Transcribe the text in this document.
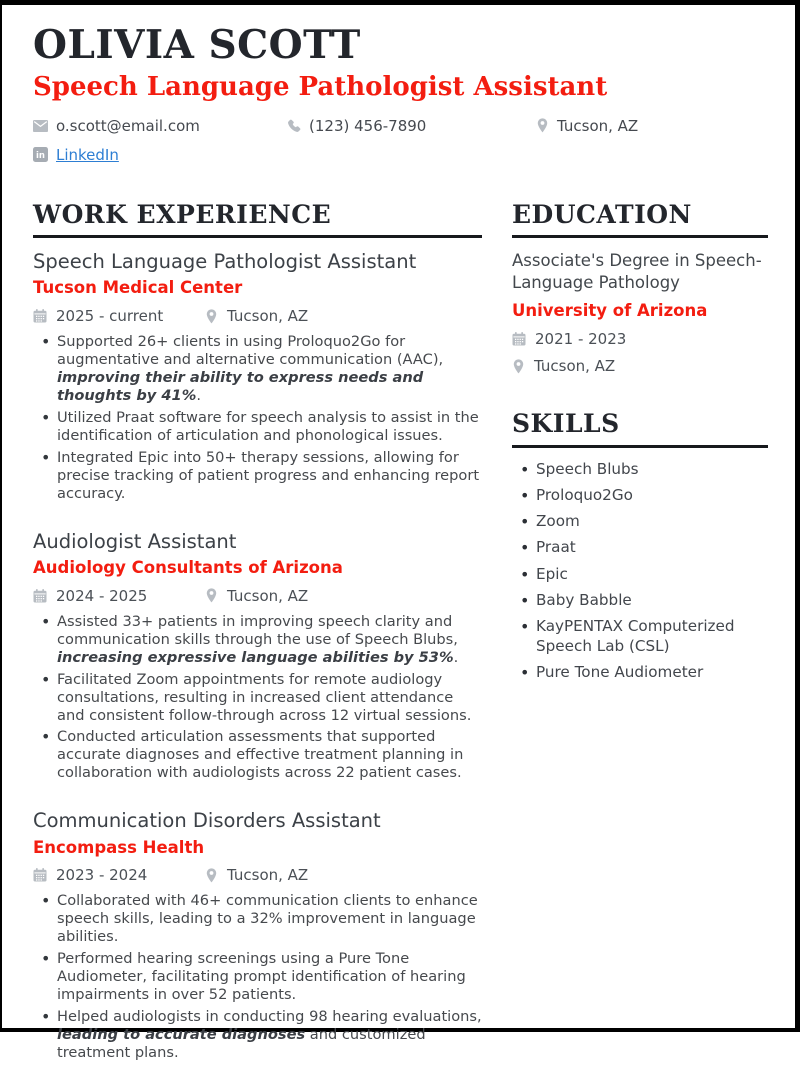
OLIVIA SCOTT
Speech Language Pathologist Assistant
o.scott@email.com	(123) 456-7890	Tucson, AZ
in LinkedIn
WORK EXPERIENCE
Speech Language Pathologist Assistant
Tucson Medical Center
2025 - current	Tucson, AZ
• Supported 26+ clients in using Proloquo2Go for augmentative and alternative communication (AAC), improving their ability to express needs and thoughts by 41%.
• Utilized Praat software for speech analysis to assist in the identification of articulation and phonological issues.
• Integrated Epic into 50+ therapy sessions, allowing for precise tracking of patient progress and enhancing report accuracy.
Audiologist Assistant
Audiology Consultants of Arizona
2024 - 2025	Tucson, AZ
• Assisted 33+ patients in improving speech clarity and communication skills through the use of Speech Blubs, increasing expressive language abilities by 53%.
• Facilitated Zoom appointments for remote audiology consultations, resulting in increased client attendance and consistent follow-through across 12 virtual sessions.
• Conducted articulation assessments that supported accurate diagnoses and effective treatment planning in collaboration with audiologists across 22 patient cases.
Communication Disorders Assistant
Encompass Health
2023 - 2024	Tucson, AZ
• Collaborated with 46+ communication clients to enhance speech skills, leading to a 32% improvement in language abilities.
• Performed hearing screenings using a Pure Tone Audiometer, facilitating prompt identification of hearing impairments in over 52 patients.
• Helped audiologists in conducting 98 hearing evaluations, leading to accurate diagnoses and customized treatment plans.
EDUCATION
Associate's Degree in Speech-Language Pathology
University of Arizona
2021 - 2023
Tucson, AZ
SKILLS
• Speech Blubs
• Proloquo2Go
• Zoom
• Praat
• Epic
• Baby Babble
• KayPENTAX Computerized Speech Lab (CSL)
• Pure Tone Audiometer
